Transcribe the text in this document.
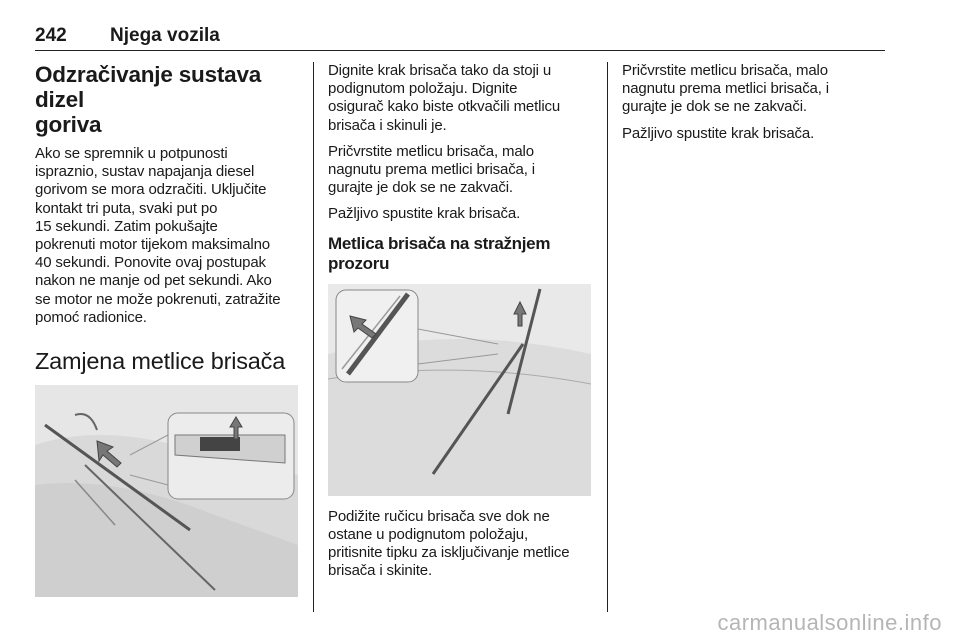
242 Njega vozila
Odzračivanje sustava dizel
goriva
Ako se spremnik u potpunosti
ispraznio, sustav napajanja diesel
gorivom se mora odzračiti. Uključite
kontakt tri puta, svaki put po
15 sekundi. Zatim pokušajte
pokrenuti motor tijekom maksimalno
40 sekundi. Ponovite ovaj postupak
nakon ne manje od pet sekundi. Ako
se motor ne može pokrenuti, zatražite
pomoć radionice.
Zamjena metlice brisača
Dignite krak brisača tako da stoji u
podignutom položaju. Dignite
osigurač kako biste otkvačili metlicu
brisača i skinuli je.
Pričvrstite metlicu brisača, malo
nagnutu prema metlici brisača, i
gurajte je dok se ne zakvači.
Pažljivo spustite krak brisača.
Metlica brisača na stražnjem
prozoru
Podižite ručicu brisača sve dok ne
ostane u podignutom položaju,
pritisnite tipku za isključivanje metlice
brisača i skinite.
Pričvrstite metlicu brisača, malo
nagnutu prema metlici brisača, i
gurajte je dok se ne zakvači.
Pažljivo spustite krak brisača.
carmanualsonline.info
